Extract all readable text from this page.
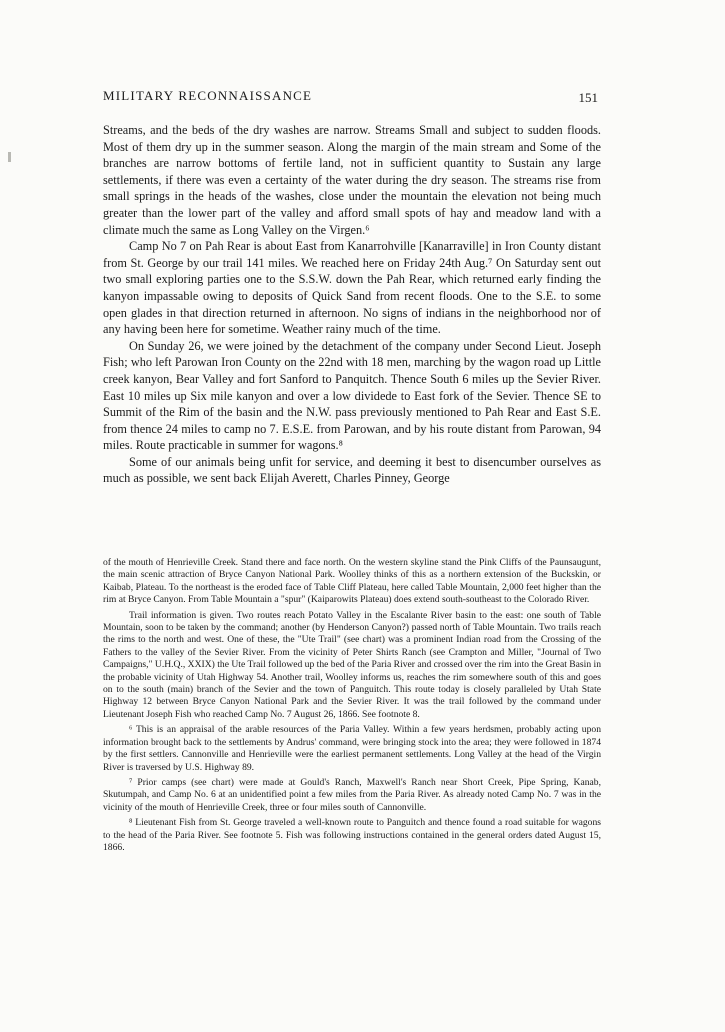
MILITARY RECONNAISSANCE	151

Streams, and the beds of the dry washes are narrow. Streams Small and subject to sudden floods. Most of them dry up in the summer season. Along the margin of the main stream and Some of the branches are narrow bottoms of fertile land, not in sufficient quantity to Sustain any large settlements, if there was even a certainty of the water during the dry season. The streams rise from small springs in the heads of the washes, close under the mountain the elevation not being much greater than the lower part of the valley and afford small spots of hay and meadow land with a climate much the same as Long Valley on the Virgen.⁶

Camp No 7 on Pah Rear is about East from Kanarrohville [Kanarraville] in Iron County distant from St. George by our trail 141 miles. We reached here on Friday 24th Aug.⁷ On Saturday sent out two small exploring parties one to the S.S.W. down the Pah Rear, which returned early finding the kanyon impassable owing to deposits of Quick Sand from recent floods. One to the S.E. to some open glades in that direction returned in afternoon. No signs of indians in the neighborhood nor of any having been here for sometime. Weather rainy much of the time.

On Sunday 26, we were joined by the detachment of the company under Second Lieut. Joseph Fish; who left Parowan Iron County on the 22nd with 18 men, marching by the wagon road up Little creek kanyon, Bear Valley and fort Sanford to Panquitch. Thence South 6 miles up the Sevier River. East 10 miles up Six mile kanyon and over a low dividede to East fork of the Sevier. Thence SE to Summit of the Rim of the basin and the N.W. pass previously mentioned to Pah Rear and East S.E. from thence 24 miles to camp no 7. E.S.E. from Parowan, and by his route distant from Parowan, 94 miles. Route practicable in summer for wagons.⁸

Some of our animals being unfit for service, and deeming it best to disencumber ourselves as much as possible, we sent back Elijah Averett, Charles Pinney, George

of the mouth of Henrieville Creek. Stand there and face north. On the western skyline stand the Pink Cliffs of the Paunsaugunt, the main scenic attraction of Bryce Canyon National Park. Woolley thinks of this as a northern extension of the Buckskin, or Kaibab, Plateau. To the northeast is the eroded face of Table Cliff Plateau, here called Table Mountain, 2,000 feet higher than the rim at Bryce Canyon. From Table Mountain a "spur" (Kaiparowits Plateau) does extend south-southeast to the Colorado River.

Trail information is given. Two routes reach Potato Valley in the Escalante River basin to the east: one south of Table Mountain, soon to be taken by the command; another (by Henderson Canyon?) passed north of Table Mountain. Two trails reach the rims to the north and west. One of these, the "Ute Trail" (see chart) was a prominent Indian road from the Crossing of the Fathers to the valley of the Sevier River. From the vicinity of Peter Shirts Ranch (see Crampton and Miller, "Journal of Two Campaigns," U.H.Q., XXIX) the Ute Trail followed up the bed of the Paria River and crossed over the rim into the Great Basin in the probable vicinity of Utah Highway 54. Another trail, Woolley informs us, reaches the rim somewhere south of this and goes on to the south (main) branch of the Sevier and the town of Panguitch. This route today is closely paralleled by Utah State Highway 12 between Bryce Canyon National Park and the Sevier River. It was the trail followed by the command under Lieutenant Joseph Fish who reached Camp No. 7 August 26, 1866. See footnote 8.

⁶ This is an appraisal of the arable resources of the Paria Valley. Within a few years herdsmen, probably acting upon information brought back to the settlements by Andrus' command, were bringing stock into the area; they were followed in 1874 by the first settlers. Cannonville and Henrieville were the earliest permanent settlements. Long Valley at the head of the Virgin River is traversed by U.S. Highway 89.

⁷ Prior camps (see chart) were made at Gould's Ranch, Maxwell's Ranch near Short Creek, Pipe Spring, Kanab, Skutumpah, and Camp No. 6 at an unidentified point a few miles from the Paria River. As already noted Camp No. 7 was in the vicinity of the mouth of Henrieville Creek, three or four miles south of Cannonville.

⁸ Lieutenant Fish from St. George traveled a well-known route to Panguitch and thence found a road suitable for wagons to the head of the Paria River. See footnote 5. Fish was following instructions contained in the general orders dated August 15, 1866.
